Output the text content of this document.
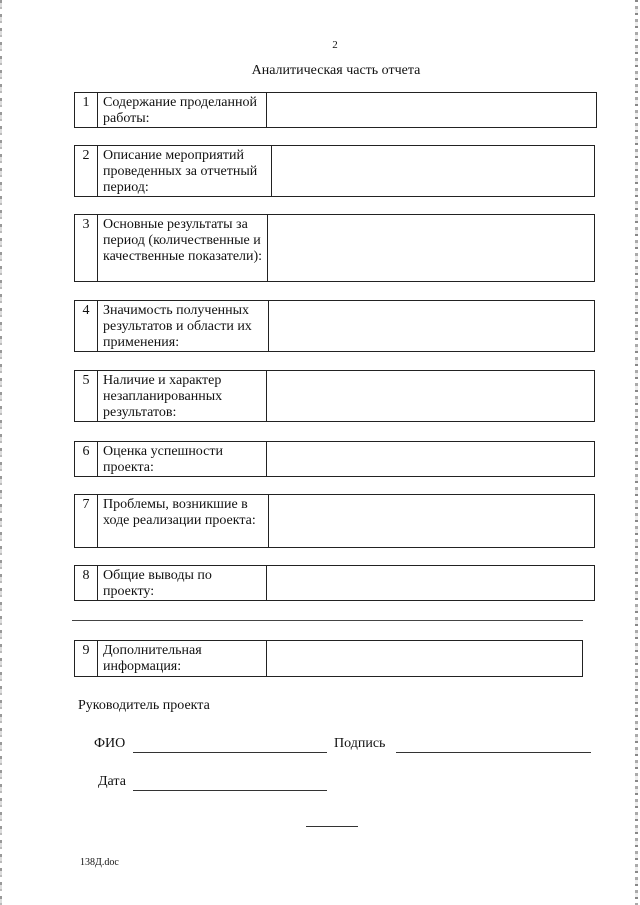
2
Аналитическая часть отчета
1 Содержание проделанной работы:
2 Описание мероприятий проведенных за отчетный период:
3 Основные результаты за период (количественные и качественные показатели):
4 Значимость полученных результатов и области их применения:
5 Наличие и характер незапланированных результатов:
6 Оценка успешности проекта:
7 Проблемы, возникшие в ходе реализации проекта:
8 Общие выводы по проекту:
9 Дополнительная информация:
Руководитель проекта
ФИО	Подпись
Дата
138Д.doc
